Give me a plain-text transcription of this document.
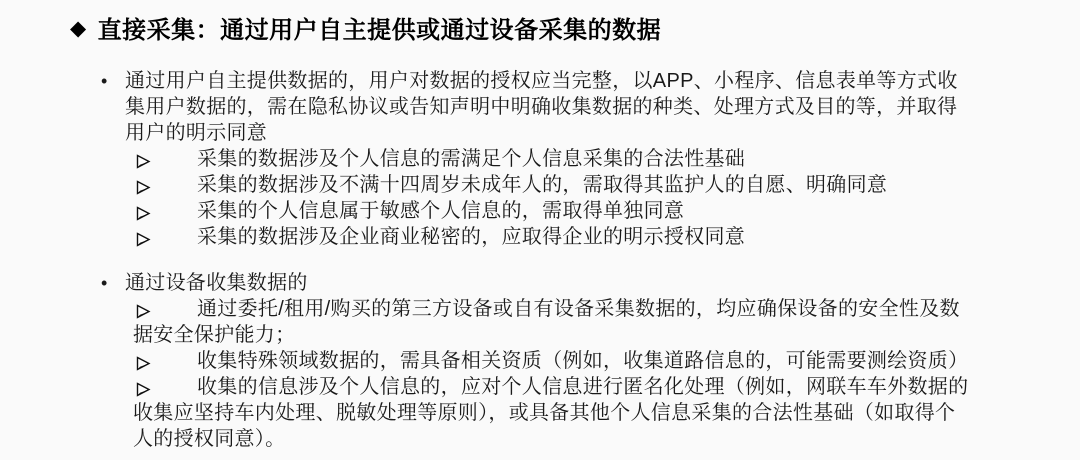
◆ 直接采集：通过用户自主提供或通过设备采集的数据
• 通过用户自主提供数据的，用户对数据的授权应当完整，以APP、小程序、信息表单等方式收
集用户数据的，需在隐私协议或告知声明中明确收集数据的种类、处理方式及目的等，并取得
用户的明示同意
采集的数据涉及个人信息的需满足个人信息采集的合法性基础
采集的数据涉及不满十四周岁未成年人的，需取得其监护人的自愿、明确同意
采集的个人信息属于敏感个人信息的，需取得单独同意
采集的数据涉及企业商业秘密的，应取得企业的明示授权同意
• 通过设备收集数据的
通过委托/租用/购买的第三方设备或自有设备采集数据的，均应确保设备的安全性及数
据安全保护能力；
收集特殊领域数据的，需具备相关资质（例如，收集道路信息的，可能需要测绘资质）
收集的信息涉及个人信息的，应对个人信息进行匿名化处理（例如，网联车车外数据的
收集应坚持车内处理、脱敏处理等原则），或具备其他个人信息采集的合法性基础（如取得个
人的授权同意）。
